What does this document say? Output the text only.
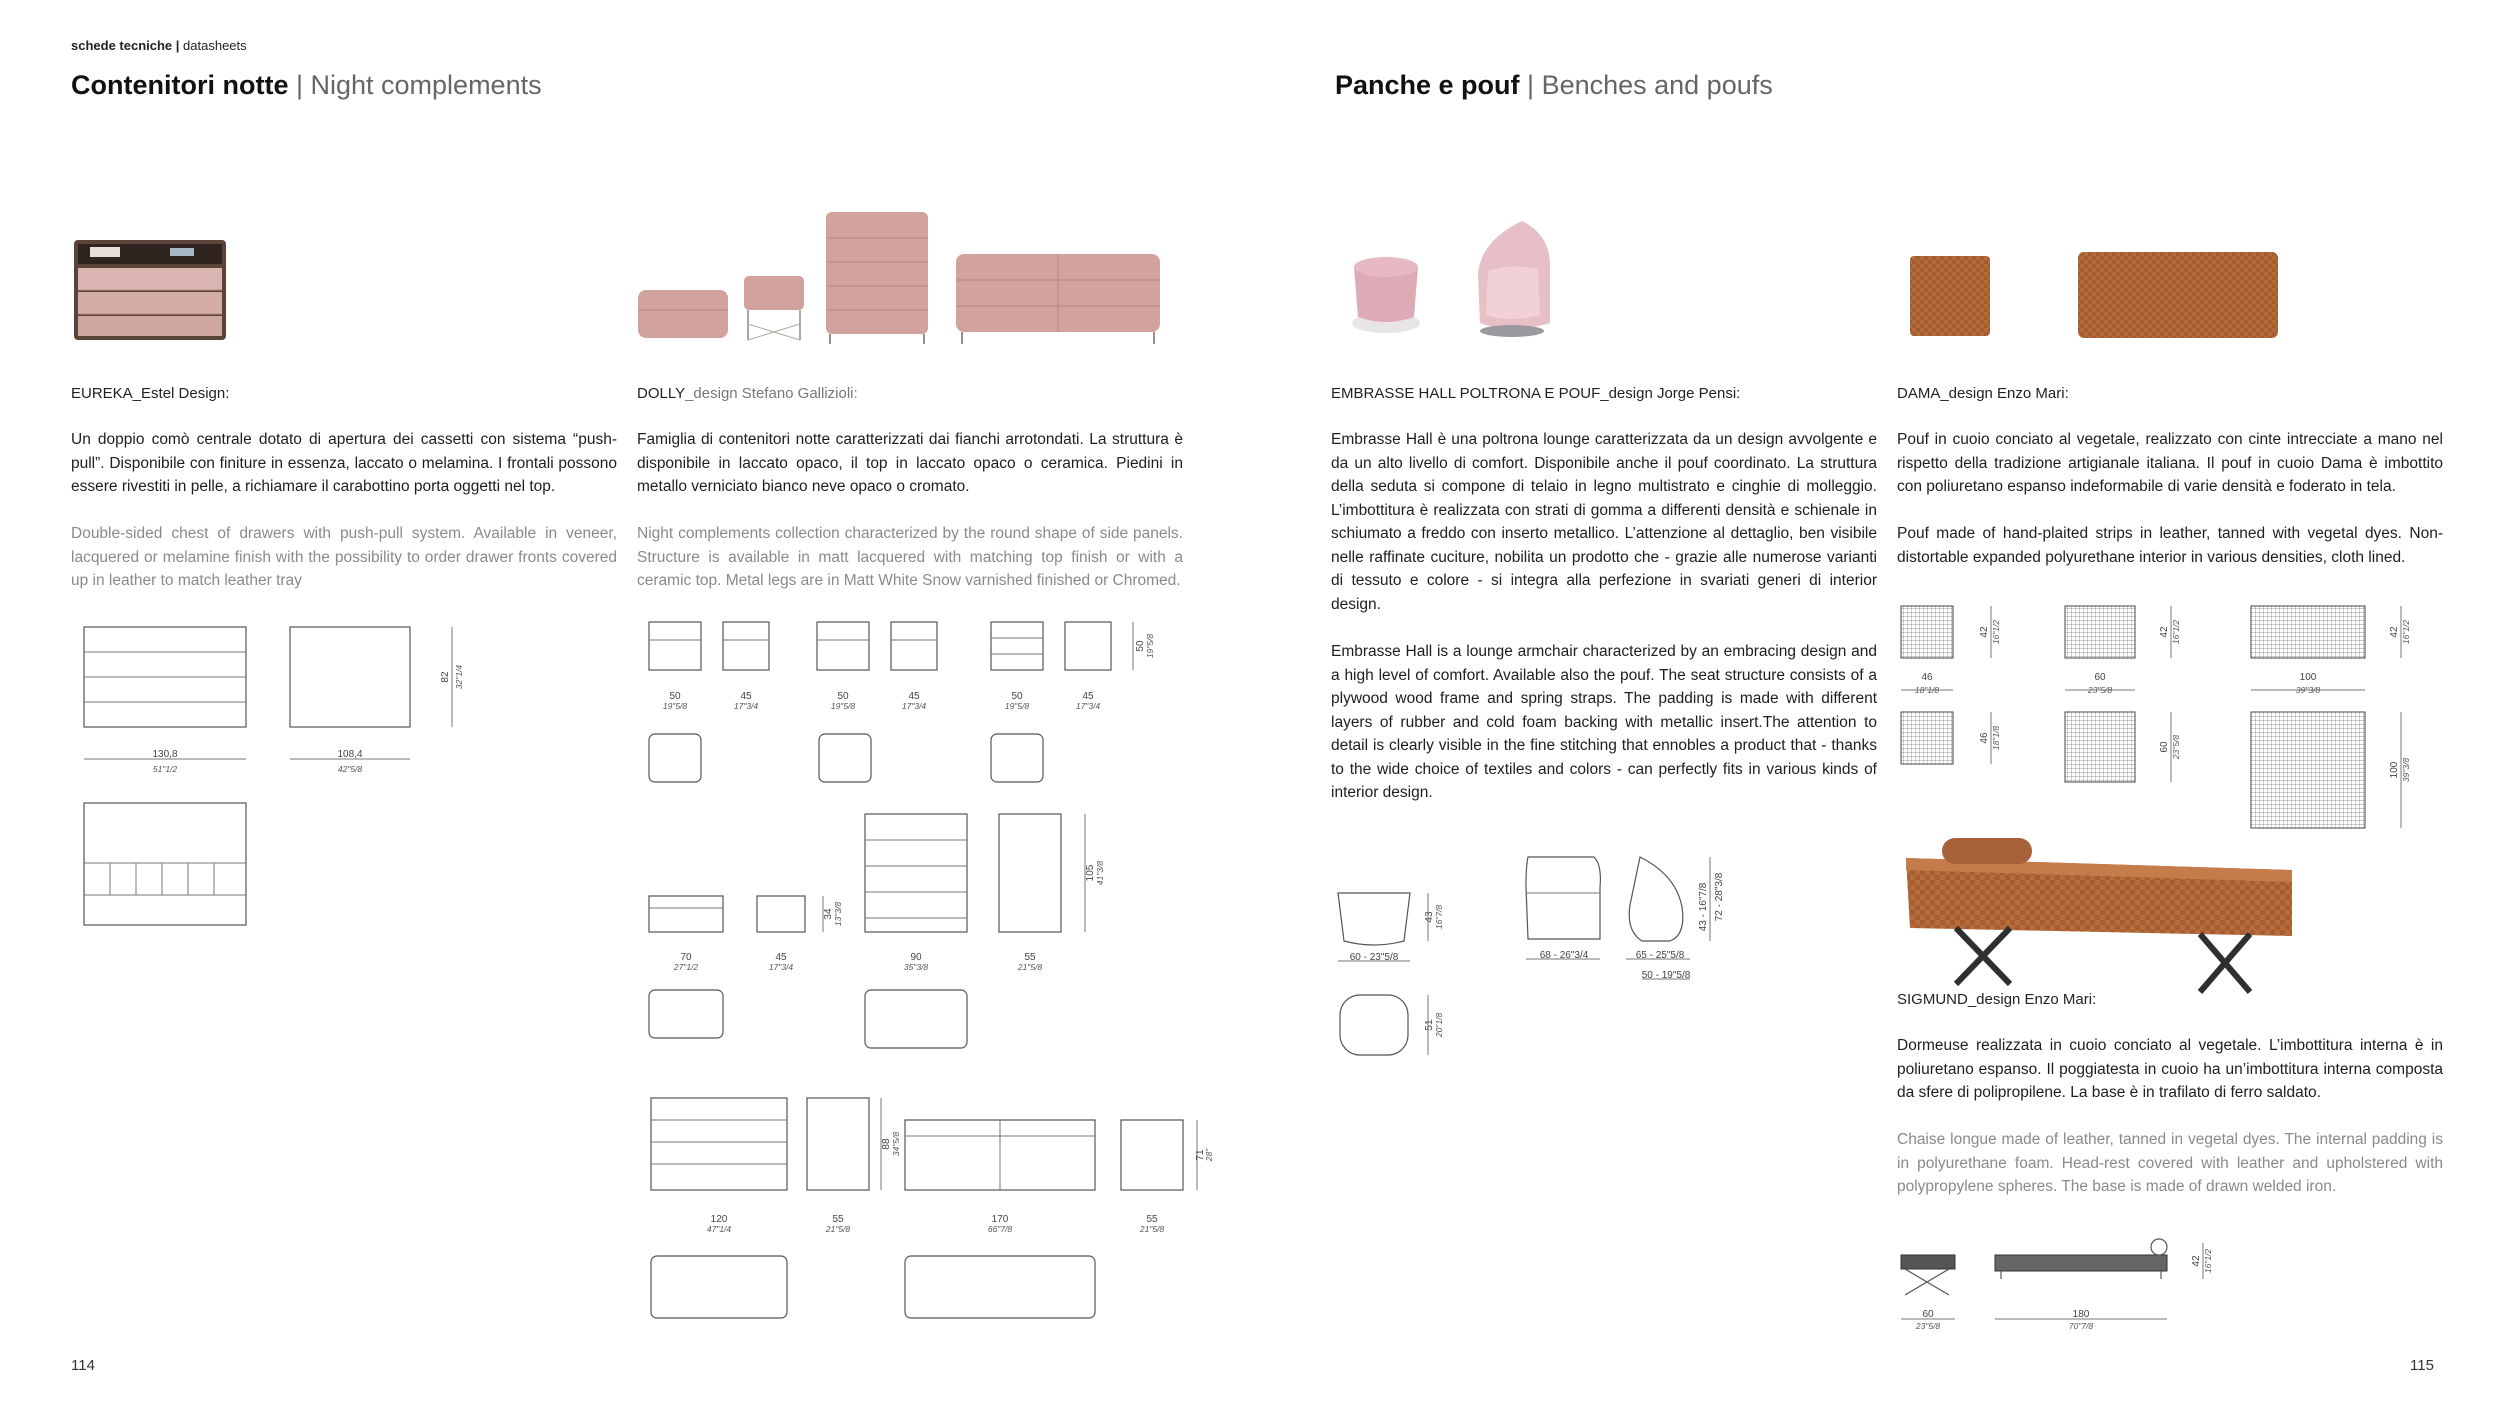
schede tecniche | datasheets
Contenitori notte | Night complements	Panche e pouf | Benches and poufs
EUREKA_Estel Design:
Un doppio comò centrale dotato di apertura dei cassetti con sistema “push-pull”. Disponibile con finiture in essenza, laccato o melamina. I frontali possono essere rivestiti in pelle, a richiamare il carabottino porta oggetti nel top.
Double-sided chest of drawers with push-pull system. Available in veneer, lacquered or melamine finish with the possibility to order drawer fronts covered up in leather to match leather tray
DOLLY_design Stefano Gallizioli:
Famiglia di contenitori notte caratterizzati dai fianchi arrotondati. La struttura è disponibile in laccato opaco, il top in laccato opaco o ceramica. Piedini in metallo verniciato bianco neve opaco o cromato.
Night complements collection characterized by the round shape of side panels. Structure is available in matt lacquered with matching top finish or with a ceramic top. Metal legs are in Matt White Snow varnished finished or Chromed.
EMBRASSE HALL POLTRONA E POUF_design Jorge Pensi:
Embrasse Hall è una poltrona lounge caratterizzata da un design avvolgente e da un alto livello di comfort. Disponibile anche il pouf coordinato. La struttura della seduta si compone di telaio in legno multistrato e cinghie di molleggio. L’imbottitura è realizzata con strati di gomma a differenti densità e schienale in schiumato a freddo con inserto metallico. L’attenzione al dettaglio, ben visibile nelle raffinate cuciture, nobilita un prodotto che - grazie alle numerose varianti di tessuto e colore - si integra alla perfezione in svariati generi di interior design.
Embrasse Hall is a lounge armchair characterized by an embracing design and a high level of comfort. Available also the pouf. The seat structure consists of a plywood wood frame and spring straps. The padding is made with different layers of rubber and cold foam backing with metallic insert.The attention to detail is clearly visible in the fine stitching that ennobles a product that - thanks to the wide choice of textiles and colors - can perfectly fits in various kinds of interior design.
DAMA_design Enzo Mari:
Pouf in cuoio conciato al vegetale, realizzato con cinte intrecciate a mano nel rispetto della tradizione artigianale italiana. Il pouf in cuoio Dama è imbottito con poliuretano espanso indeformabile di varie densità e foderato in tela.
Pouf made of hand-plaited strips in leather, tanned with vegetal dyes. Non-distortable expanded polyurethane interior in various densities, cloth lined.
SIGMUND_design Enzo Mari:
Dormeuse realizzata in cuoio conciato al vegetale. L’imbottitura interna è in poliuretano espanso. Il poggiatesta in cuoio ha un’imbottitura interna composta da sfere di polipropilene. La base è in trafilato di ferro saldato.
Chaise longue made of leather, tanned in vegetal dyes. The internal padding is in polyurethane foam. Head-rest covered with leather and upholstered with polypropylene spheres. The base is made of drawn welded iron.
130,8
51"1/2
108,4
42"5/8
82 32"1/4
50
19"5/8
45
17"3/4
50
19"5/8
45
17"3/4
50
19"5/8
45
17"3/4
50 19"5/8
70
27"1/2
45
17"3/4
90
35"3/8
55
21"5/8
34 13"3/8
105 41"3/8
120
47"1/4
55
21"5/8
170
66"7/8
55
21"5/8
88 34"5/8	71
28"
60 - 23"5/8
43 16"7/8
51 20"1/8
68 - 26"3/4	65 - 25"5/8
50 - 19"5/8
43 - 16"7/8 72 - 28"3/8
46
18"1/8
60
23"5/8
100
39"3/8
42 16"1/2	42 16"1/2	42 16"1/2
46 18"1/8	60 23"5/8
100 39"3/8
60
23"5/8
180
70"7/8
42 16"1/2
114	115
